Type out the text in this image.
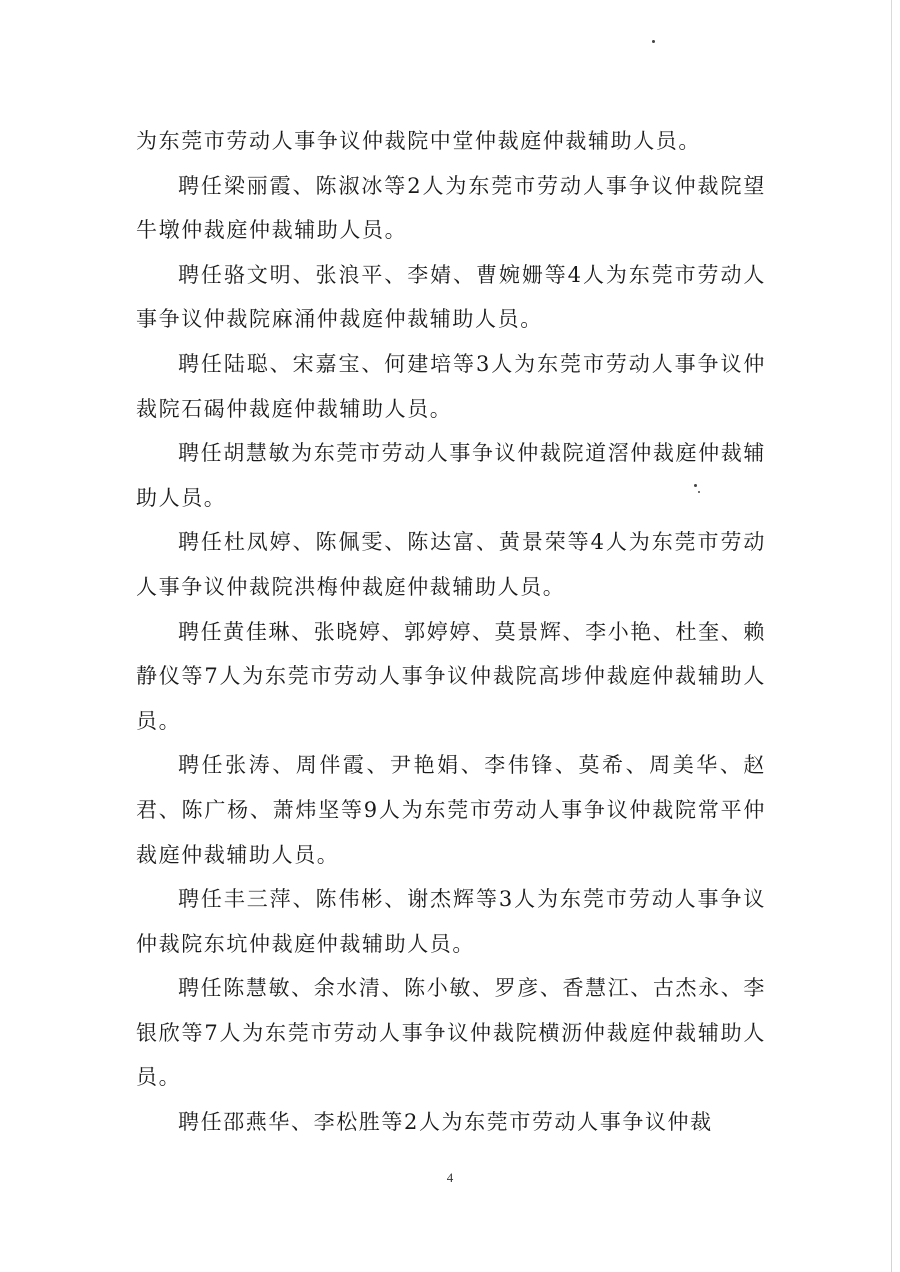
为东莞市劳动人事争议仲裁院中堂仲裁庭仲裁辅助人员。

聘任梁丽霞、陈淑冰等2人为东莞市劳动人事争议仲裁院望牛墩仲裁庭仲裁辅助人员。

聘任骆文明、张浪平、李婧、曹婉姗等4人为东莞市劳动人事争议仲裁院麻涌仲裁庭仲裁辅助人员。

聘任陆聪、宋嘉宝、何建培等3人为东莞市劳动人事争议仲裁院石碣仲裁庭仲裁辅助人员。

聘任胡慧敏为东莞市劳动人事争议仲裁院道滘仲裁庭仲裁辅助人员。

聘任杜凤婷、陈佩雯、陈达富、黄景荣等4人为东莞市劳动人事争议仲裁院洪梅仲裁庭仲裁辅助人员。

聘任黄佳琳、张晓婷、郭婷婷、莫景辉、李小艳、杜奎、赖静仪等7人为东莞市劳动人事争议仲裁院高埗仲裁庭仲裁辅助人员。

聘任张涛、周伴霞、尹艳娟、李伟锋、莫希、周美华、赵君、陈广杨、萧炜坚等9人为东莞市劳动人事争议仲裁院常平仲裁庭仲裁辅助人员。

聘任丰三萍、陈伟彬、谢杰辉等3人为东莞市劳动人事争议仲裁院东坑仲裁庭仲裁辅助人员。

聘任陈慧敏、余水清、陈小敏、罗彦、香慧江、古杰永、李银欣等7人为东莞市劳动人事争议仲裁院横沥仲裁庭仲裁辅助人员。

聘任邵燕华、李松胜等2人为东莞市劳动人事争议仲裁

4
